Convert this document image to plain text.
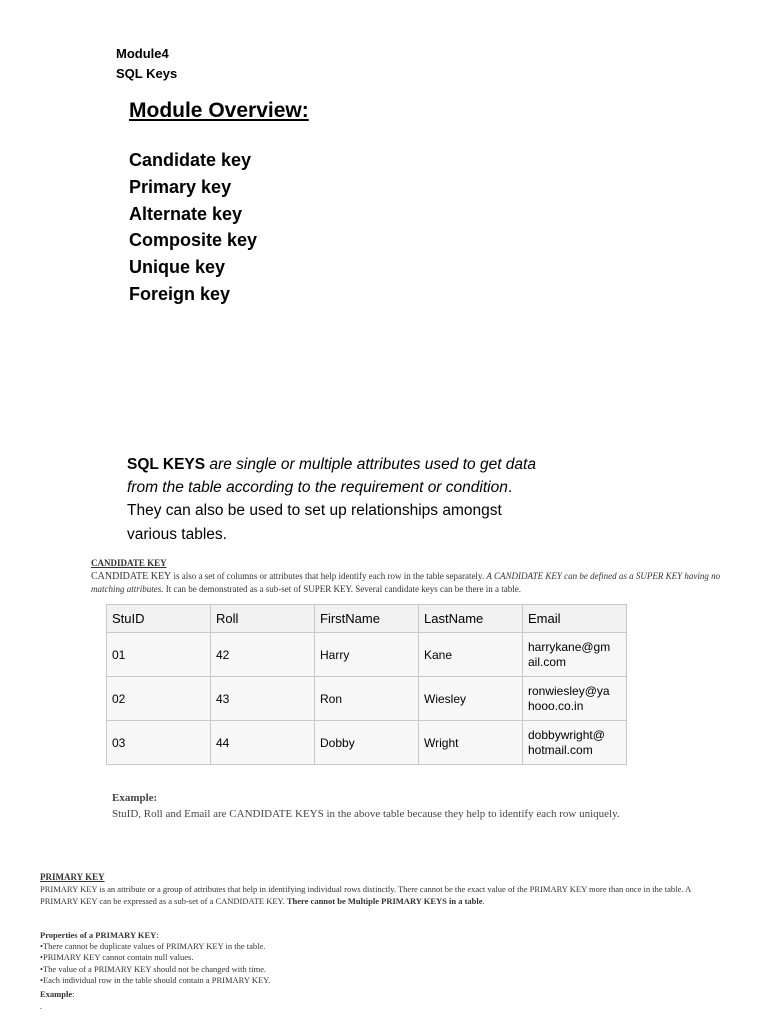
Module4
SQL Keys
Module Overview:
Candidate key
Primary key
Alternate key
Composite key
Unique key
Foreign key
SQL KEYS are single or multiple attributes used to get data from the table according to the requirement or condition. They can also be used to set up relationships amongst various tables.
CANDIDATE KEY
CANDIDATE KEY is also a set of columns or attributes that help identify each row in the table separately. A CANDIDATE KEY can be defined as a SUPER KEY having no matching attributes. It can be demonstrated as a sub-set of SUPER KEY. Several candidate keys can be there in a table.
StuID	Roll	FirstName	LastName	Email
01	42	Harry	Kane	harrykane@gm
ail.com
02	43	Ron	Wiesley	ronwiesley@ya
hooo.co.in
03	44	Dobby	Wright	dobbywright@
hotmail.com
Example:
StuID, Roll and Email are CANDIDATE KEYS in the above table because they help to identify each row uniquely.
PRIMARY KEY
PRIMARY KEY is an attribute or a group of attributes that help in identifying individual rows distinctly. There cannot be the exact value of the PRIMARY KEY more than once in the table. A PRIMARY KEY can be expressed as a sub-set of a CANDIDATE KEY. There cannot be Multiple PRIMARY KEYS in a table.
Properties of a PRIMARY KEY:
•There cannot be duplicate values of PRIMARY KEY in the table.
•PRIMARY KEY cannot contain null values.
•The value of a PRIMARY KEY should not be changed with time.
•Each individual row in the table should contain a PRIMARY KEY.
Example:
.
